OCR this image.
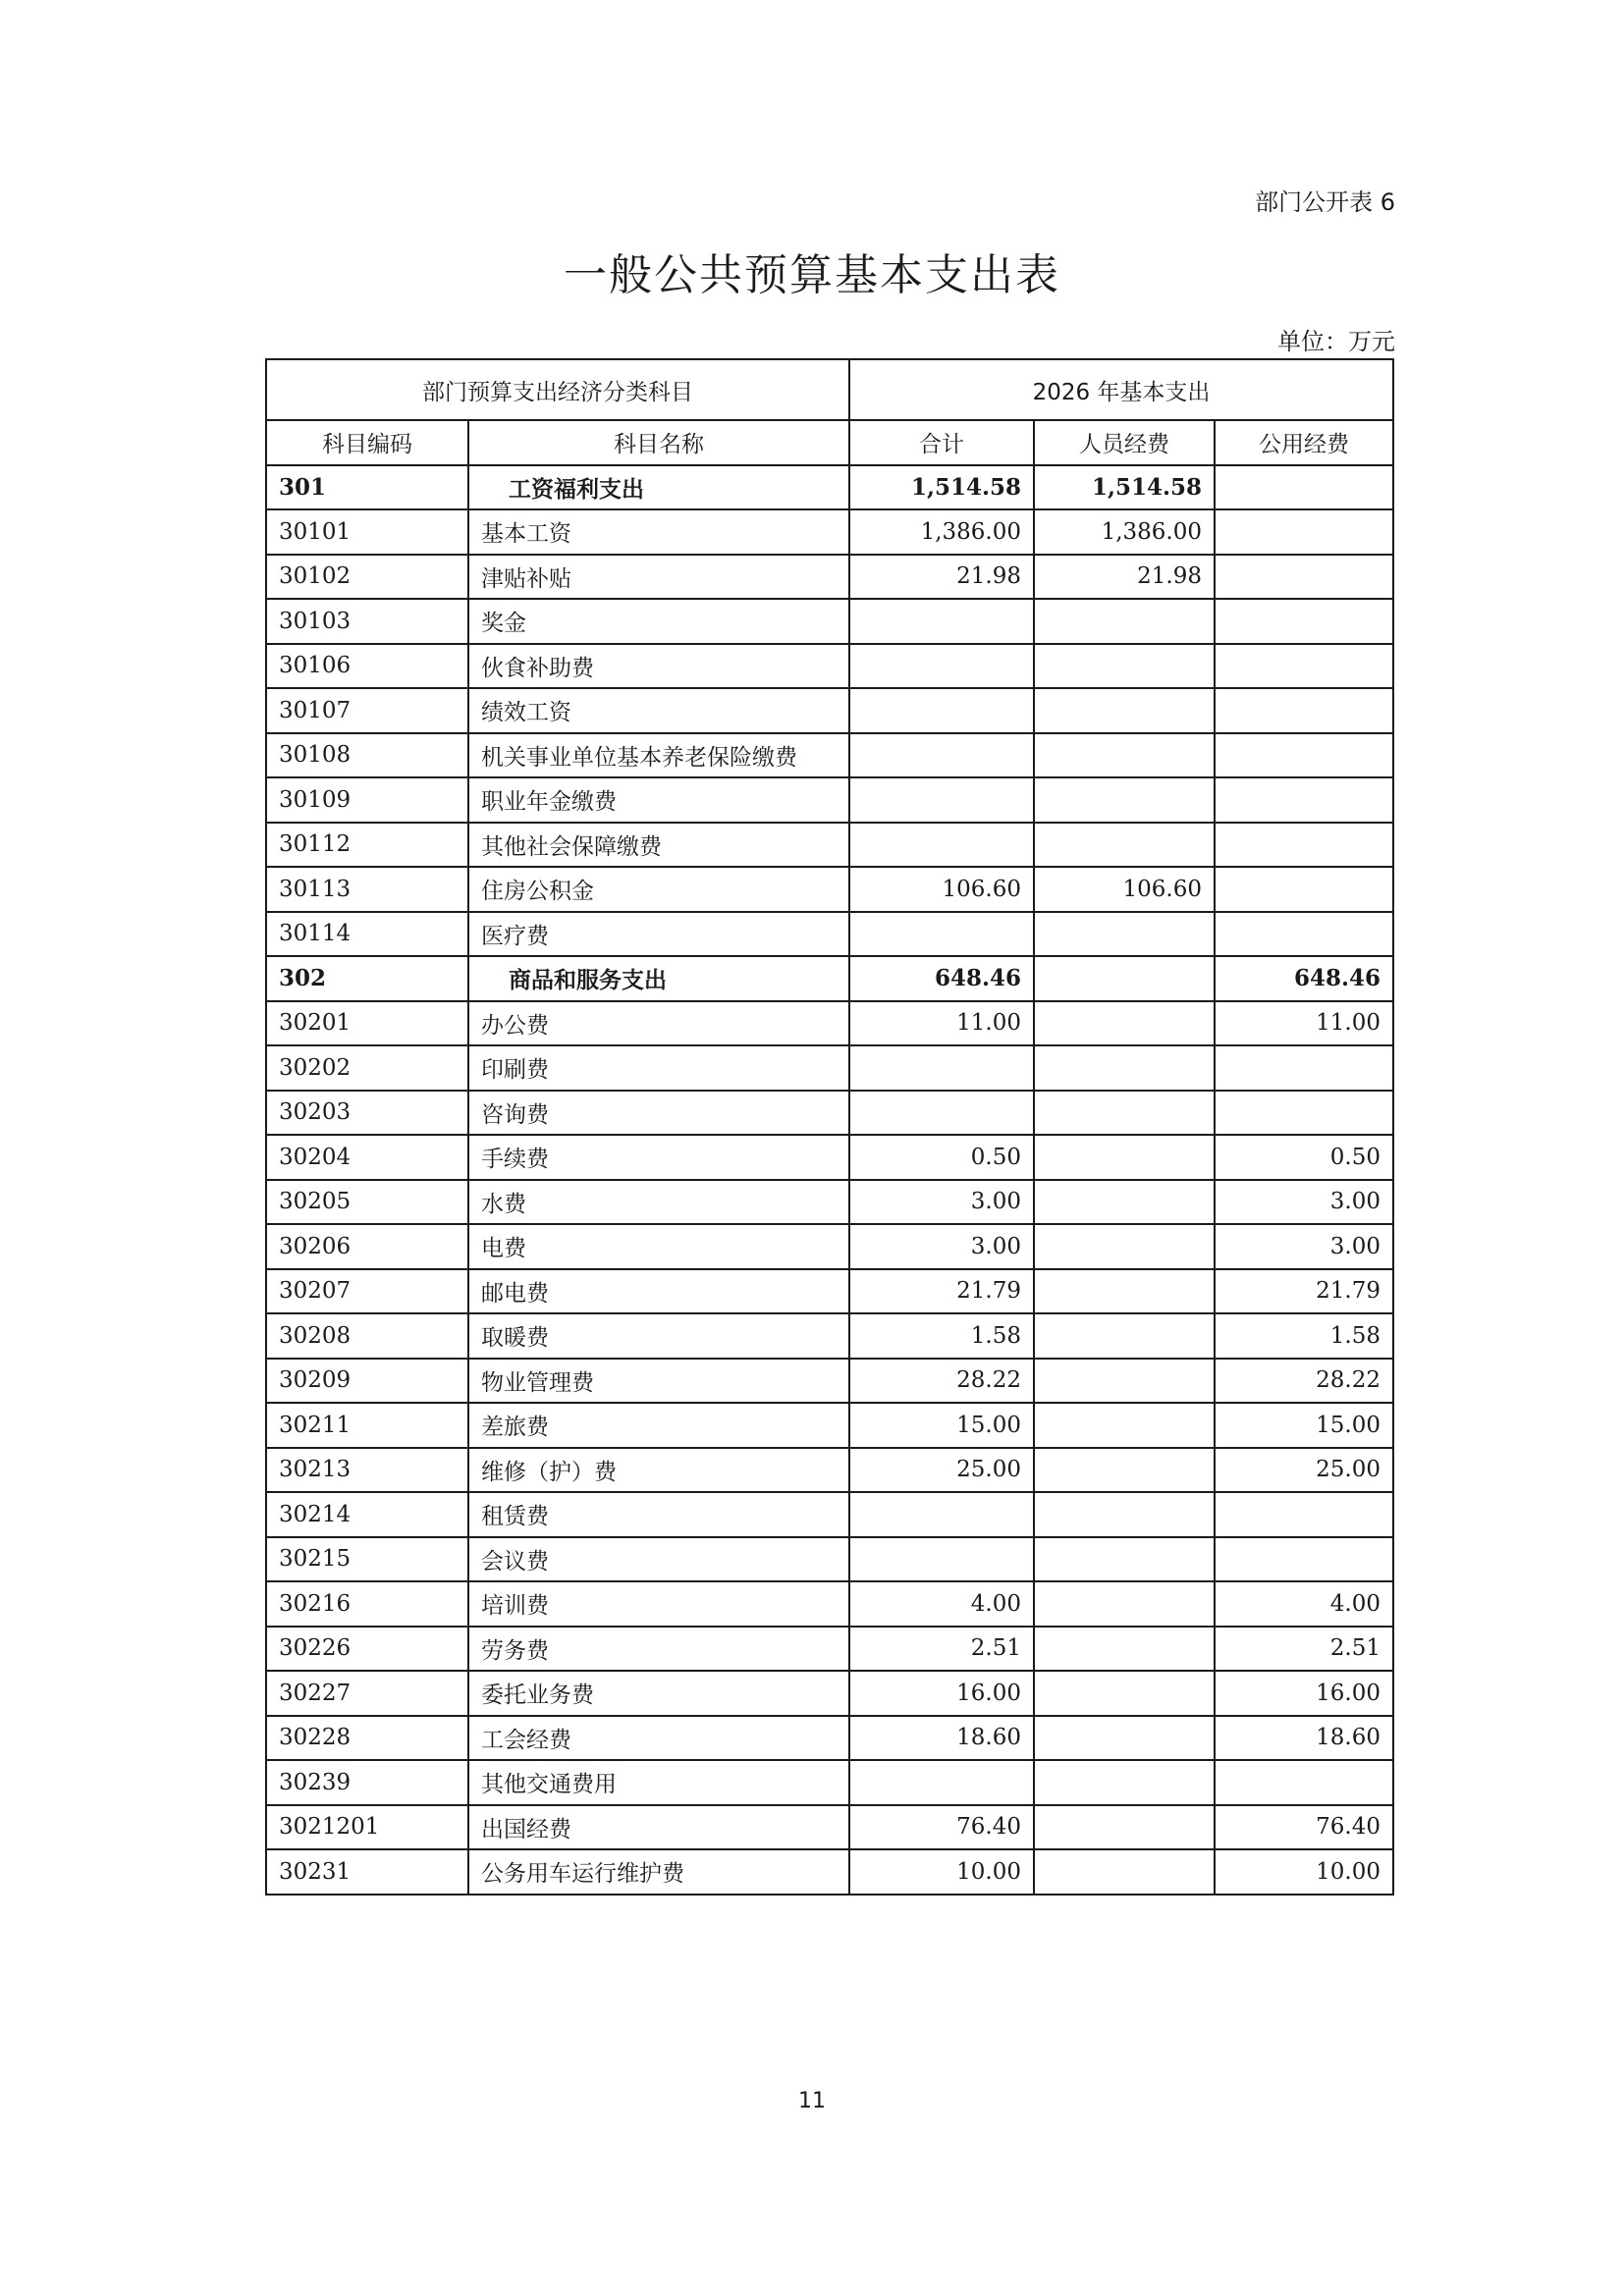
部门公开表 6
一般公共预算基本支出表
单位：万元
部门预算支出经济分类科目		2026 年基本支出		
科目编码	科目名称	合计	人员经费	公用经费
301	工资福利支出	1,514.58	1,514.58	
30101	基本工资	1,386.00	1,386.00	
30102	津贴补贴	21.98	21.98	
30103	奖金			
30106	伙食补助费			
30107	绩效工资			
30108	机关事业单位基本养老保险缴费			
30109	职业年金缴费			
30112	其他社会保障缴费			
30113	住房公积金	106.60	106.60	
30114	医疗费			
302	商品和服务支出	648.46		648.46
30201	办公费	11.00		11.00
30202	印刷费			
30203	咨询费			
30204	手续费	0.50		0.50
30205	水费	3.00		3.00
30206	电费	3.00		3.00
30207	邮电费	21.79		21.79
30208	取暖费	1.58		1.58
30209	物业管理费	28.22		28.22
30211	差旅费	15.00		15.00
30213	维修（护）费	25.00		25.00
30214	租赁费			
30215	会议费			
30216	培训费	4.00		4.00
30226	劳务费	2.51		2.51
30227	委托业务费	16.00		16.00
30228	工会经费	18.60		18.60
30239	其他交通费用			
3021201	出国经费	76.40		76.40
30231	公务用车运行维护费	10.00		10.00
11
